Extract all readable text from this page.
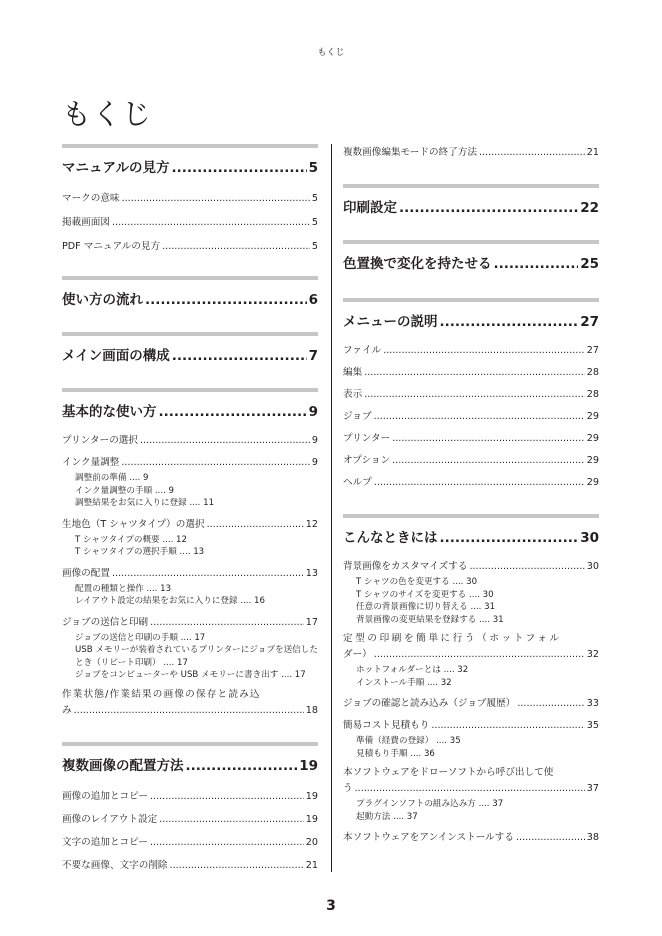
もくじ
もくじ
マニュアルの見方 .....	5
マークの意味 .....	5
掲載画面図 .....	5
PDF マニュアルの見方 .....	5
使い方の流れ .....	6
メイン画面の構成 .....	7
基本的な使い方 .....	9
プリンターの選択 .....	9
インク量調整 .....	9
調整前の準備 .... 9
インク量調整の手順 .... 9
調整結果をお気に入りに登録 .... 11
生地色（T シャツタイプ）の選択 .....	12
T シャツタイプの概要 .... 12
T シャツタイプの選択手順 .... 13
画像の配置 .....	13
配置の種類と操作 .... 13
レイアウト設定の結果をお気に入りに登録 .... 16
ジョブの送信と印刷 .....	17
ジョブの送信と印刷の手順 .... 17
USB メモリーが装着されているプリンターにジョブを送信したとき（リピート印刷） .... 17
ジョブをコンピューターや USB メモリーに書き出す .... 17
作業状態/作業結果の画像の保存と読み込
み .....	18
複数画像の配置方法 .....	19
画像の追加とコピー .....	19
画像のレイアウト設定 .....	19
文字の追加とコピー .....	20
不要な画像、文字の削除 .....	21
複数画像編集モードの終了方法 .....	21
印刷設定 .....	22
色置換で変化を持たせる .....	25
メニューの説明 .....	27
ファイル .....	27
編集 .....	28
表示 .....	28
ジョブ .....	29
プリンター .....	29
オプション .....	29
ヘルプ .....	29
こんなときには .....	30
背景画像をカスタマイズする .....	30
T シャツの色を変更する .... 30
T シャツのサイズを変更する .... 30
任意の背景画像に切り替える .... 31
背景画像の変更結果を登録する .... 31
定型の印刷を簡単に行う（ホットフォル
ダー） .....	32
ホットフォルダーとは .... 32
インストール手順 .... 32
ジョブの確認と読み込み（ジョブ履歴） .....	33
簡易コスト見積もり .....	35
準備（経費の登録） .... 35
見積もり手順 .... 36
本ソフトウェアをドローソフトから呼び出して使
う .....	37
プラグインソフトの組み込み方 .... 37
起動方法 .... 37
本ソフトウェアをアンインストールする .....	38
3
